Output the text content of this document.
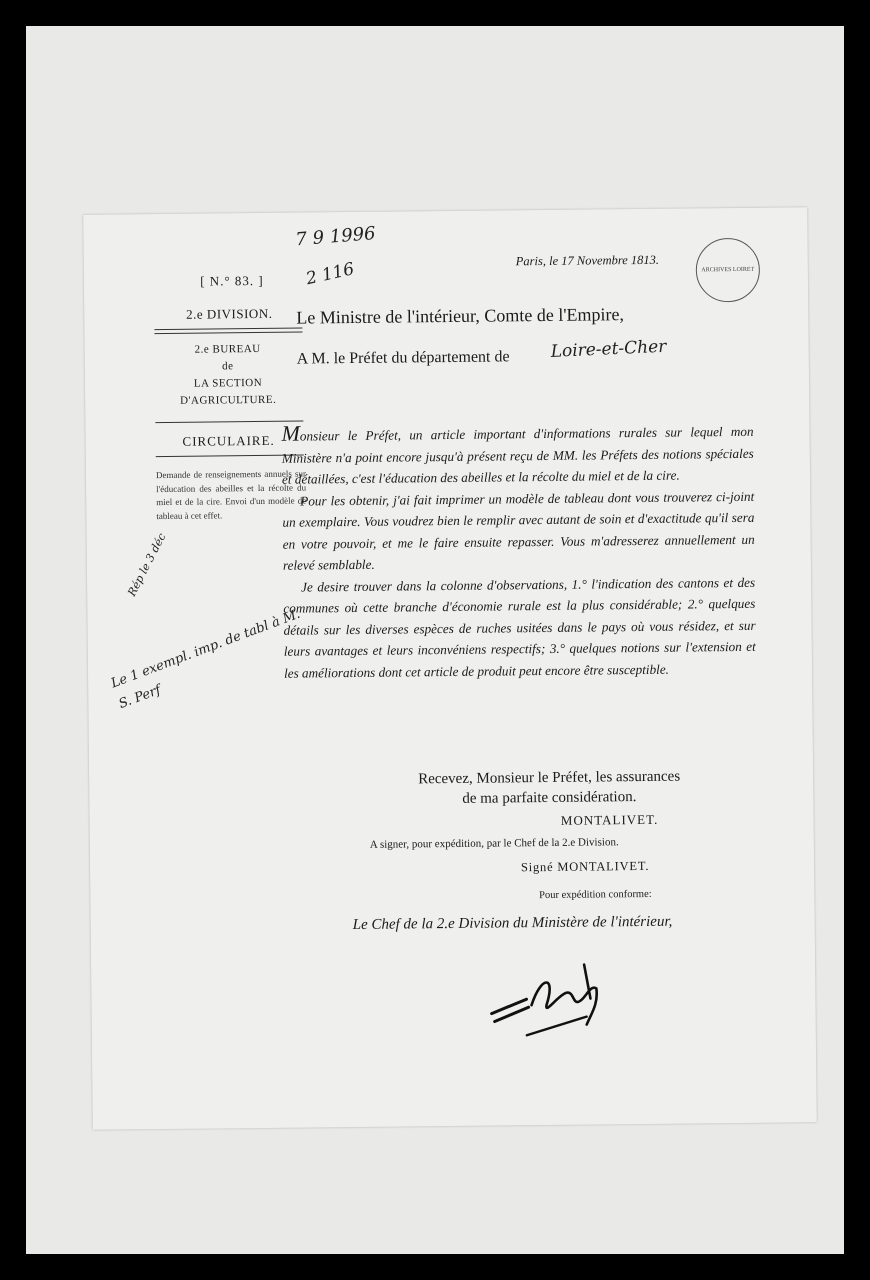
[ N.° 83. ]
2.e DIVISION.
2.e BUREAU
de
LA SECTION
D'AGRICULTURE.
CIRCULAIRE.
Demande de renseignements annuels sur l'éducation des abeilles et la récolte du miel et de la cire. Envoi d'un modèle de tableau à cet effet.
Paris, le 17 Novembre 1813.
Le Ministre de l'intérieur, Comte de l'Empire,
A M. le Préfet du département de
ARCHIVES LOIRET

Monsieur le Préfet, un article important d'informations rurales sur lequel mon Ministère n'a point encore jusqu'à présent reçu de MM. les Préfets des notions spéciales et détaillées, c'est l'éducation des abeilles et la récolte du miel et de la cire.

Pour les obtenir, j'ai fait imprimer un modèle de tableau dont vous trouverez ci-joint un exemplaire. Vous voudrez bien le remplir avec autant de soin et d'exactitude qu'il sera en votre pouvoir, et me le faire ensuite repasser. Vous m'adresserez annuellement un relevé semblable.

Je desire trouver dans la colonne d'observations, 1.° l'indication des cantons et des communes où cette branche d'économie rurale est la plus considérable; 2.° quelques détails sur les diverses espèces de ruches usitées dans le pays où vous résidez, et sur leurs avantages et leurs inconvéniens respectifs; 3.° quelques notions sur l'extension et les améliorations dont cet article de produit peut encore être susceptible.

Recevez, Monsieur le Préfet, les assurances
de ma parfaite considération.
MONTALIVET.
A signer, pour expédition, par le Chef de la 2.e Division.
Signé MONTALIVET.
Pour expédition conforme:
Le Chef de la 2.e Division du Ministère de l'intérieur,
7 9 1996
2 116
Loire-et-Cher
Rép le 3 déc
Le 1 exempl. imp. de tabl à M. S. Perf
